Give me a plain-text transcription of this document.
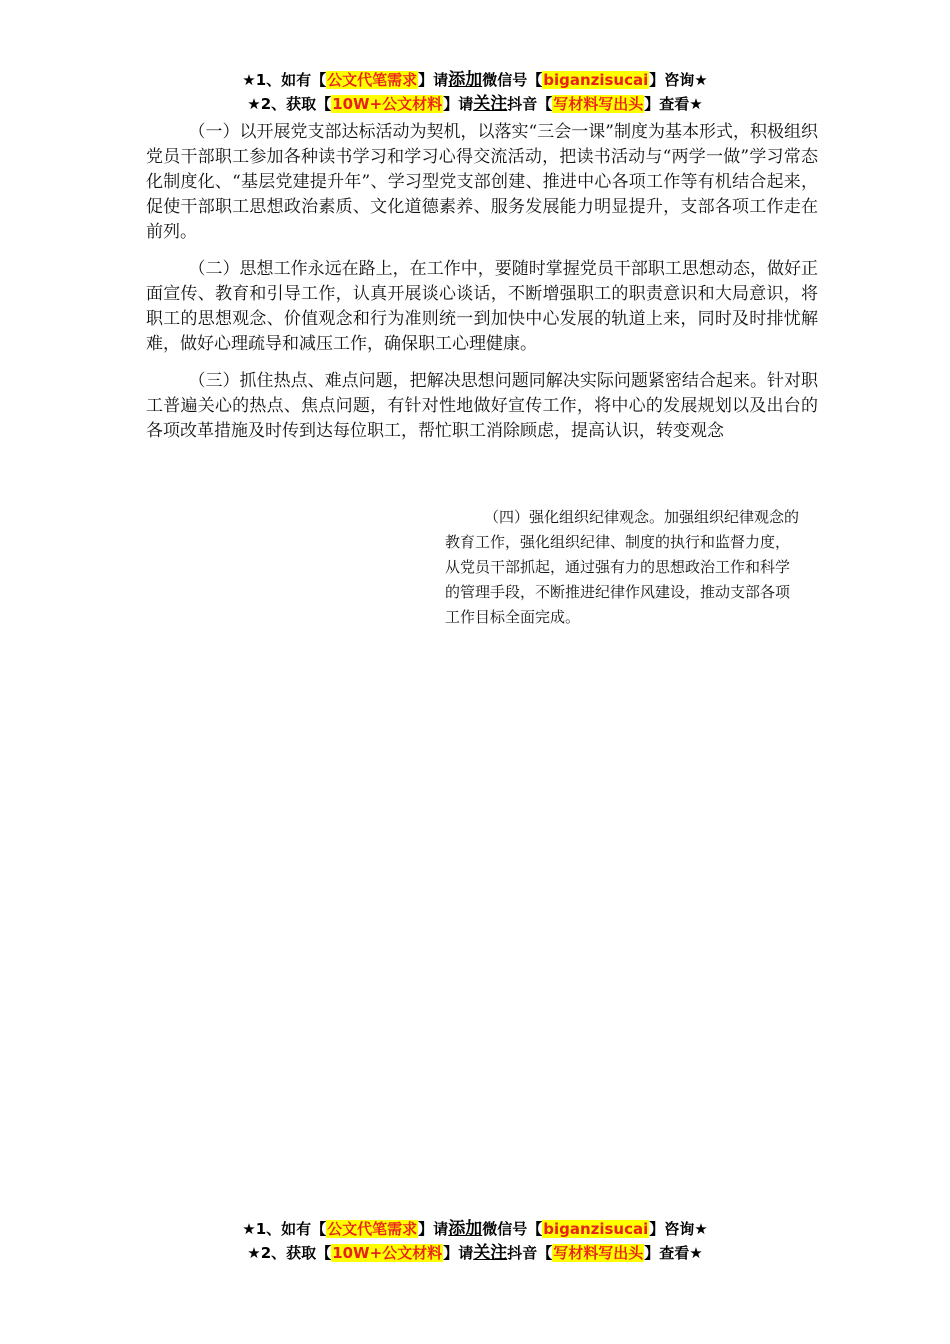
★1、如有【公文代笔需求】请添加微信号【biganzisucai】咨询★
★2、获取【10W+公文材料】请关注抖音【写材料写出头】查看★

（一）以开展党支部达标活动为契机，以落实“三会一课”制度为基本形式，积极组织党员干部职工参加各种读书学习和学习心得交流活动，把读书活动与“两学一做”学习常态化制度化、“基层党建提升年”、学习型党支部创建、推进中心各项工作等有机结合起来，促使干部职工思想政治素质、文化道德素养、服务发展能力明显提升，支部各项工作走在前列。

（二）思想工作永远在路上，在工作中，要随时掌握党员干部职工思想动态，做好正面宣传、教育和引导工作，认真开展谈心谈话，不断增强职工的职责意识和大局意识，将职工的思想观念、价值观念和行为准则统一到加快中心发展的轨道上来，同时及时排忧解难，做好心理疏导和减压工作，确保职工心理健康。

（三）抓住热点、难点问题，把解决思想问题同解决实际问题紧密结合起来。针对职工普遍关心的热点、焦点问题，有针对性地做好宣传工作，将中心的发展规划以及出台的各项改革措施及时传到达每位职工，帮忙职工消除顾虑，提高认识，转变观念

（四）强化组织纪律观念。加强组织纪律观念的教育工作，强化组织纪律、制度的执行和监督力度，从党员干部抓起，通过强有力的思想政治工作和科学的管理手段，不断推进纪律作风建设，推动支部各项工作目标全面完成。

★1、如有【公文代笔需求】请添加微信号【biganzisucai】咨询★
★2、获取【10W+公文材料】请关注抖音【写材料写出头】查看★
